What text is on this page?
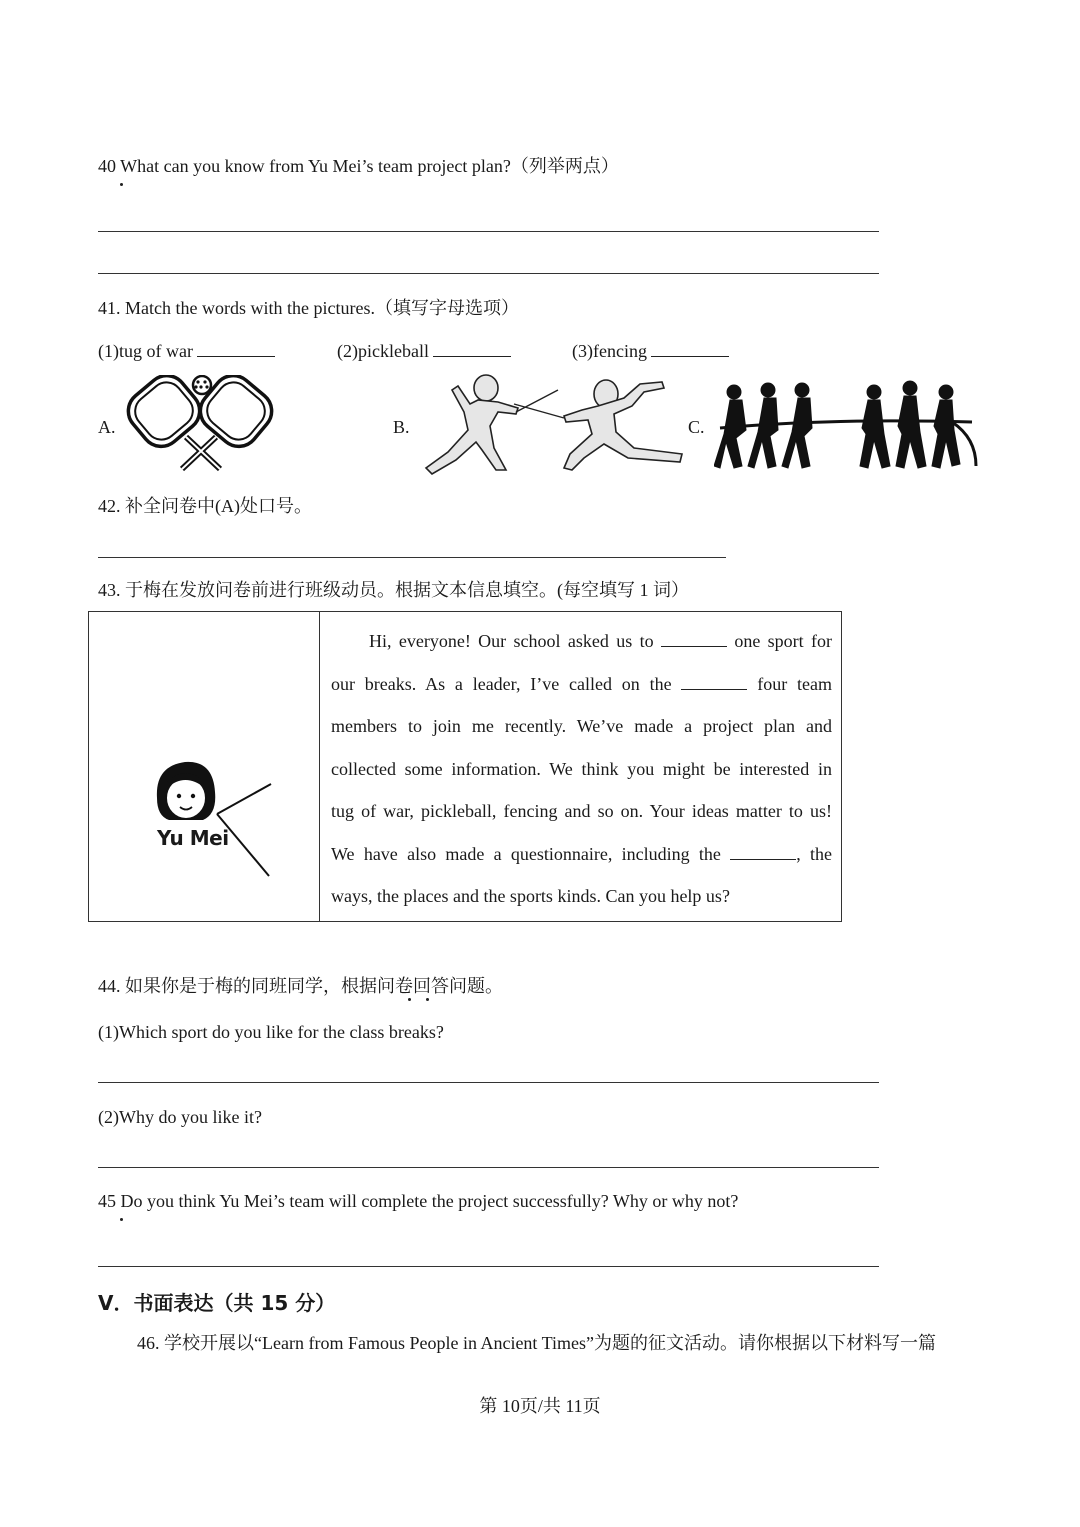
40 What can you know from Yu Mei’s team project plan?（列举两点）
41. Match the words with the pictures.（填写字母选项）
(1)tug of war	(2)pickleball	(3)fencing
A.	B.	C.
42. 补全问卷中(A)处口号。
43. 于梅在发放问卷前进行班级动员。根据文本信息填空。(每空填写 1 词）
Yu Mei
Hi, everyone! Our school asked us to	one sport for
our breaks. As a leader, I’ve called on the	four team
members to join me recently. We’ve made a project plan and
collected some information. We think you might be interested in
tug of war, pickleball, fencing and so on. Your ideas matter to us!
We have also made a questionnaire, including the	, the
ways, the places and the sports kinds. Can you help us?
44. 如果你是于梅的同班同学，根据问卷回答问题。
(1)Which sport do you like for the class breaks?
(2)Why do you like it?
45 Do you think Yu Mei’s team will complete the project successfully? Why or why not?
V．书面表达（共 15 分）
46. 学校开展以“Learn from Famous People in Ancient Times”为题的征文活动。请你根据以下材料写一篇
第 10页/共 11页
